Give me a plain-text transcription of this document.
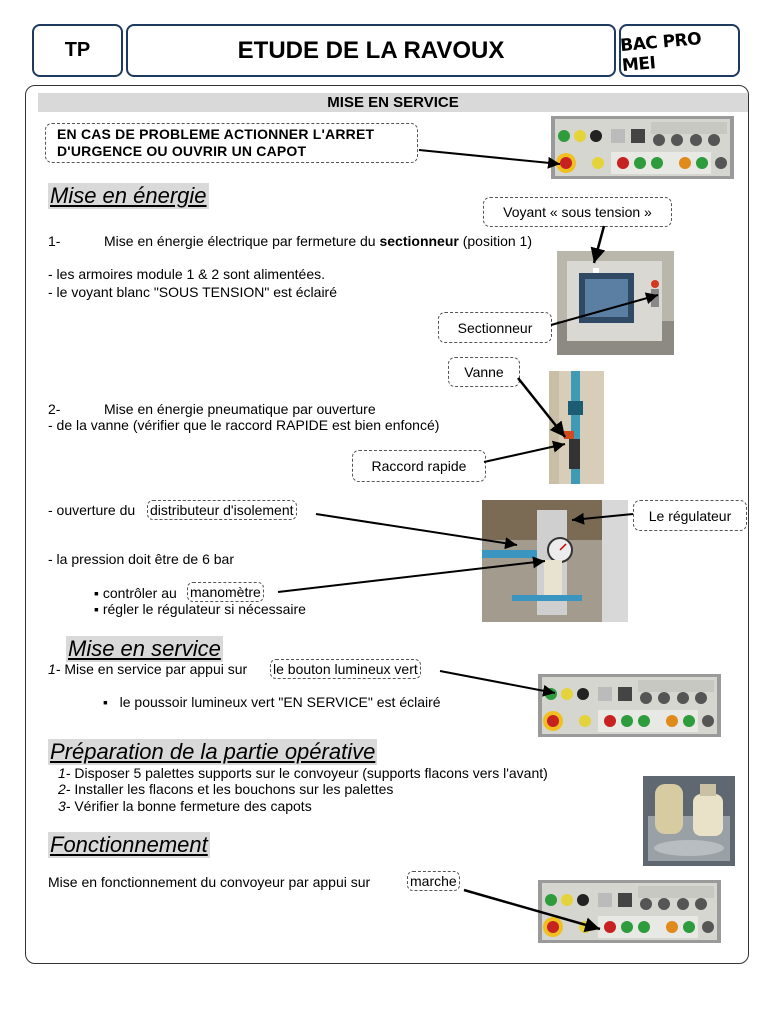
TP	ETUDE DE LA RAVOUX	BAC PRO MEI
MISE EN SERVICE
EN CAS DE PROBLEME ACTIONNER L'ARRET
D'URGENCE OU OUVRIR UN CAPOT
Mise en énergie
Voyant « sous tension »
1-	Mise en énergie électrique par fermeture du sectionneur (position 1)
- les armoires module 1 & 2 sont alimentées.
- le voyant blanc "SOUS TENSION" est éclairé
Sectionneur
Vanne
2-	Mise en énergie pneumatique par ouverture
- de la vanne (vérifier que le raccord RAPIDE est bien enfoncé)
Raccord rapide
- ouverture du distributeur d'isolement	Le régulateur
- la pression doit être de 6 bar
▪ contrôler au manomètre
▪ régler le régulateur si nécessaire
Mise en service
1- Mise en service par appui sur le bouton lumineux vert
▪ le poussoir lumineux vert "EN SERVICE" est éclairé
Préparation de la partie opérative
1- Disposer 5 palettes supports sur le convoyeur (supports flacons vers l'avant)
2- Installer les flacons et les bouchons sur les palettes
3- Vérifier la bonne fermeture des capots
Fonctionnement
Mise en fonctionnement du convoyeur par appui sur	marche
